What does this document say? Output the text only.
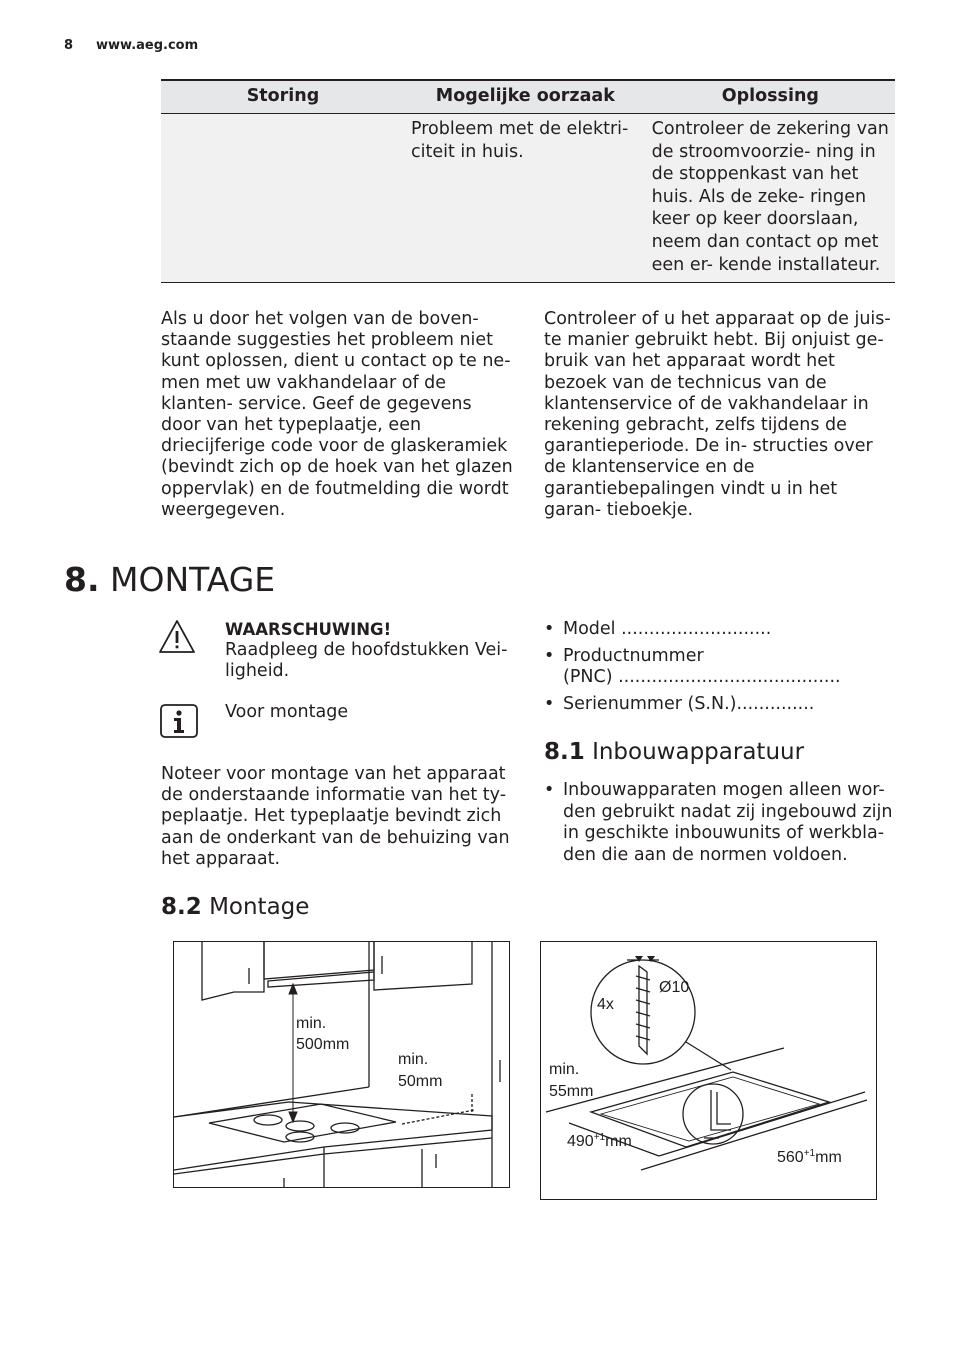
8 www.aeg.com
Storing	Mogelijke oorzaak	Oplossing
	Probleem met de elektri- citeit in huis.	Controleer de zekering van de stroomvoorzie- ning in de stoppenkast van het huis. Als de zeke- ringen keer op keer doorslaan, neem dan contact op met een er- kende installateur.
Als u door het volgen van de boven- staande suggesties het probleem niet kunt oplossen, dient u contact op te ne- men met uw vakhandelaar of de klanten- service. Geef de gegevens door van het typeplaatje, een driecijferige code voor de glaskeramiek (bevindt zich op de hoek van het glazen oppervlak) en de foutmelding die wordt weergegeven.
Controleer of u het apparaat op de juis- te manier gebruikt hebt. Bij onjuist ge- bruik van het apparaat wordt het bezoek van de technicus van de klantenservice of de vakhandelaar in rekening gebracht, zelfs tijdens de garantieperiode. De in- structies over de klantenservice en de garantiebepalingen vindt u in het garan- tieboekje.
8. MONTAGE
WAARSCHUWING!
Raadpleeg de hoofdstukken Vei- ligheid.
Voor montage
Noteer voor montage van het apparaat de onderstaande informatie van het ty- peplaatje. Het typeplaatje bevindt zich aan de onderkant van de behuizing van het apparaat.
• Model ...........................
• Productnummer
(PNC) ........................................
• Serienummer (S.N.)..............
8.1 Inbouwapparatuur
• Inbouwapparaten mogen alleen wor- den gebruikt nadat zij ingebouwd zijn in geschikte inbouwunits of werkbla- den die aan de normen voldoen.
8.2 Montage
min.
500mm
min.
50mm
4x
Ø10
min.
55mm
$490^{+1}mm$
$560^{+1}mm$
